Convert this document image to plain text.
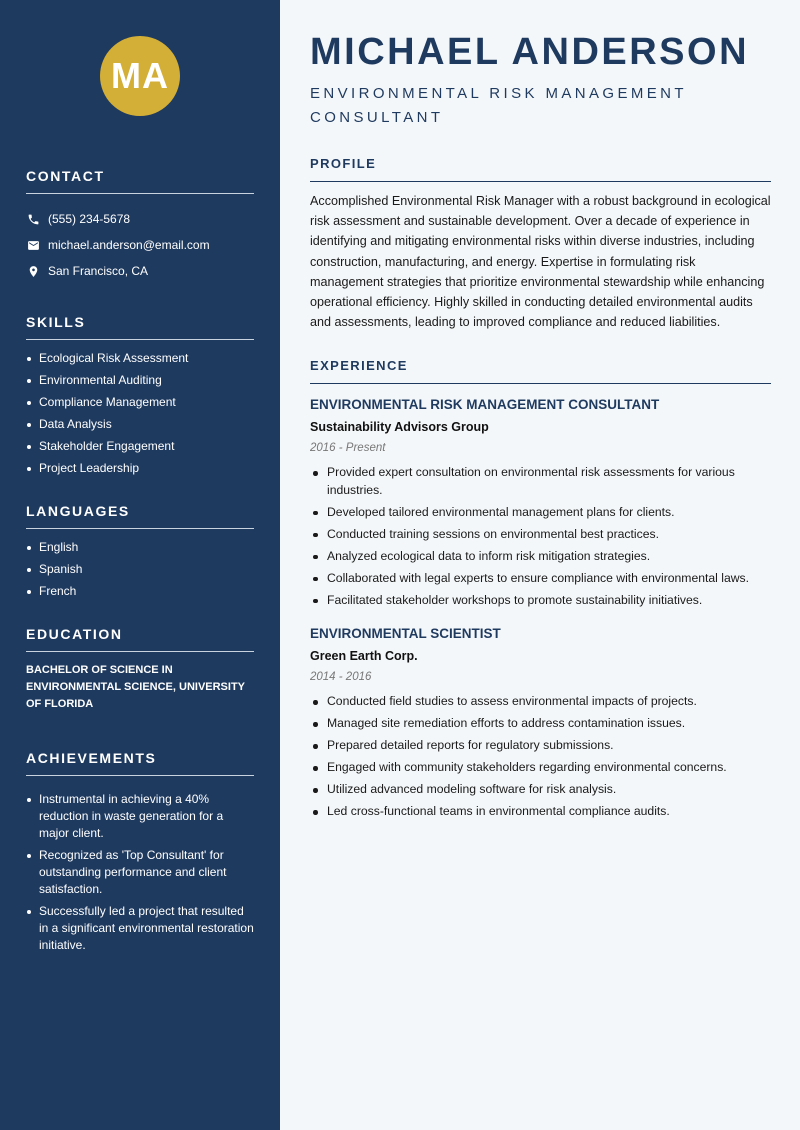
MA
CONTACT
(555) 234-5678
michael.anderson@email.com
San Francisco, CA
SKILLS
Ecological Risk Assessment
Environmental Auditing
Compliance Management
Data Analysis
Stakeholder Engagement
Project Leadership
LANGUAGES
English
Spanish
French
EDUCATION

BACHELOR OF SCIENCE IN ENVIRONMENTAL SCIENCE, UNIVERSITY OF FLORIDA

ACHIEVEMENTS
Instrumental in achieving a 40% reduction in waste generation for a major client.
Recognized as 'Top Consultant' for outstanding performance and client satisfaction.
Successfully led a project that resulted in a significant environmental restoration initiative.
MICHAEL ANDERSON
ENVIRONMENTAL RISK MANAGEMENT CONSULTANT
PROFILE

Accomplished Environmental Risk Manager with a robust background in ecological risk assessment and sustainable development. Over a decade of experience in identifying and mitigating environmental risks within diverse industries, including construction, manufacturing, and energy. Expertise in formulating risk management strategies that prioritize environmental stewardship while enhancing operational efficiency. Highly skilled in conducting detailed environmental audits and assessments, leading to improved compliance and reduced liabilities.

EXPERIENCE
ENVIRONMENTAL RISK MANAGEMENT CONSULTANT
Sustainability Advisors Group
2016 - Present
Provided expert consultation on environmental risk assessments for various industries.
Developed tailored environmental management plans for clients.
Conducted training sessions on environmental best practices.
Analyzed ecological data to inform risk mitigation strategies.
Collaborated with legal experts to ensure compliance with environmental laws.
Facilitated stakeholder workshops to promote sustainability initiatives.
ENVIRONMENTAL SCIENTIST
Green Earth Corp.
2014 - 2016
Conducted field studies to assess environmental impacts of projects.
Managed site remediation efforts to address contamination issues.
Prepared detailed reports for regulatory submissions.
Engaged with community stakeholders regarding environmental concerns.
Utilized advanced modeling software for risk analysis.
Led cross-functional teams in environmental compliance audits.
